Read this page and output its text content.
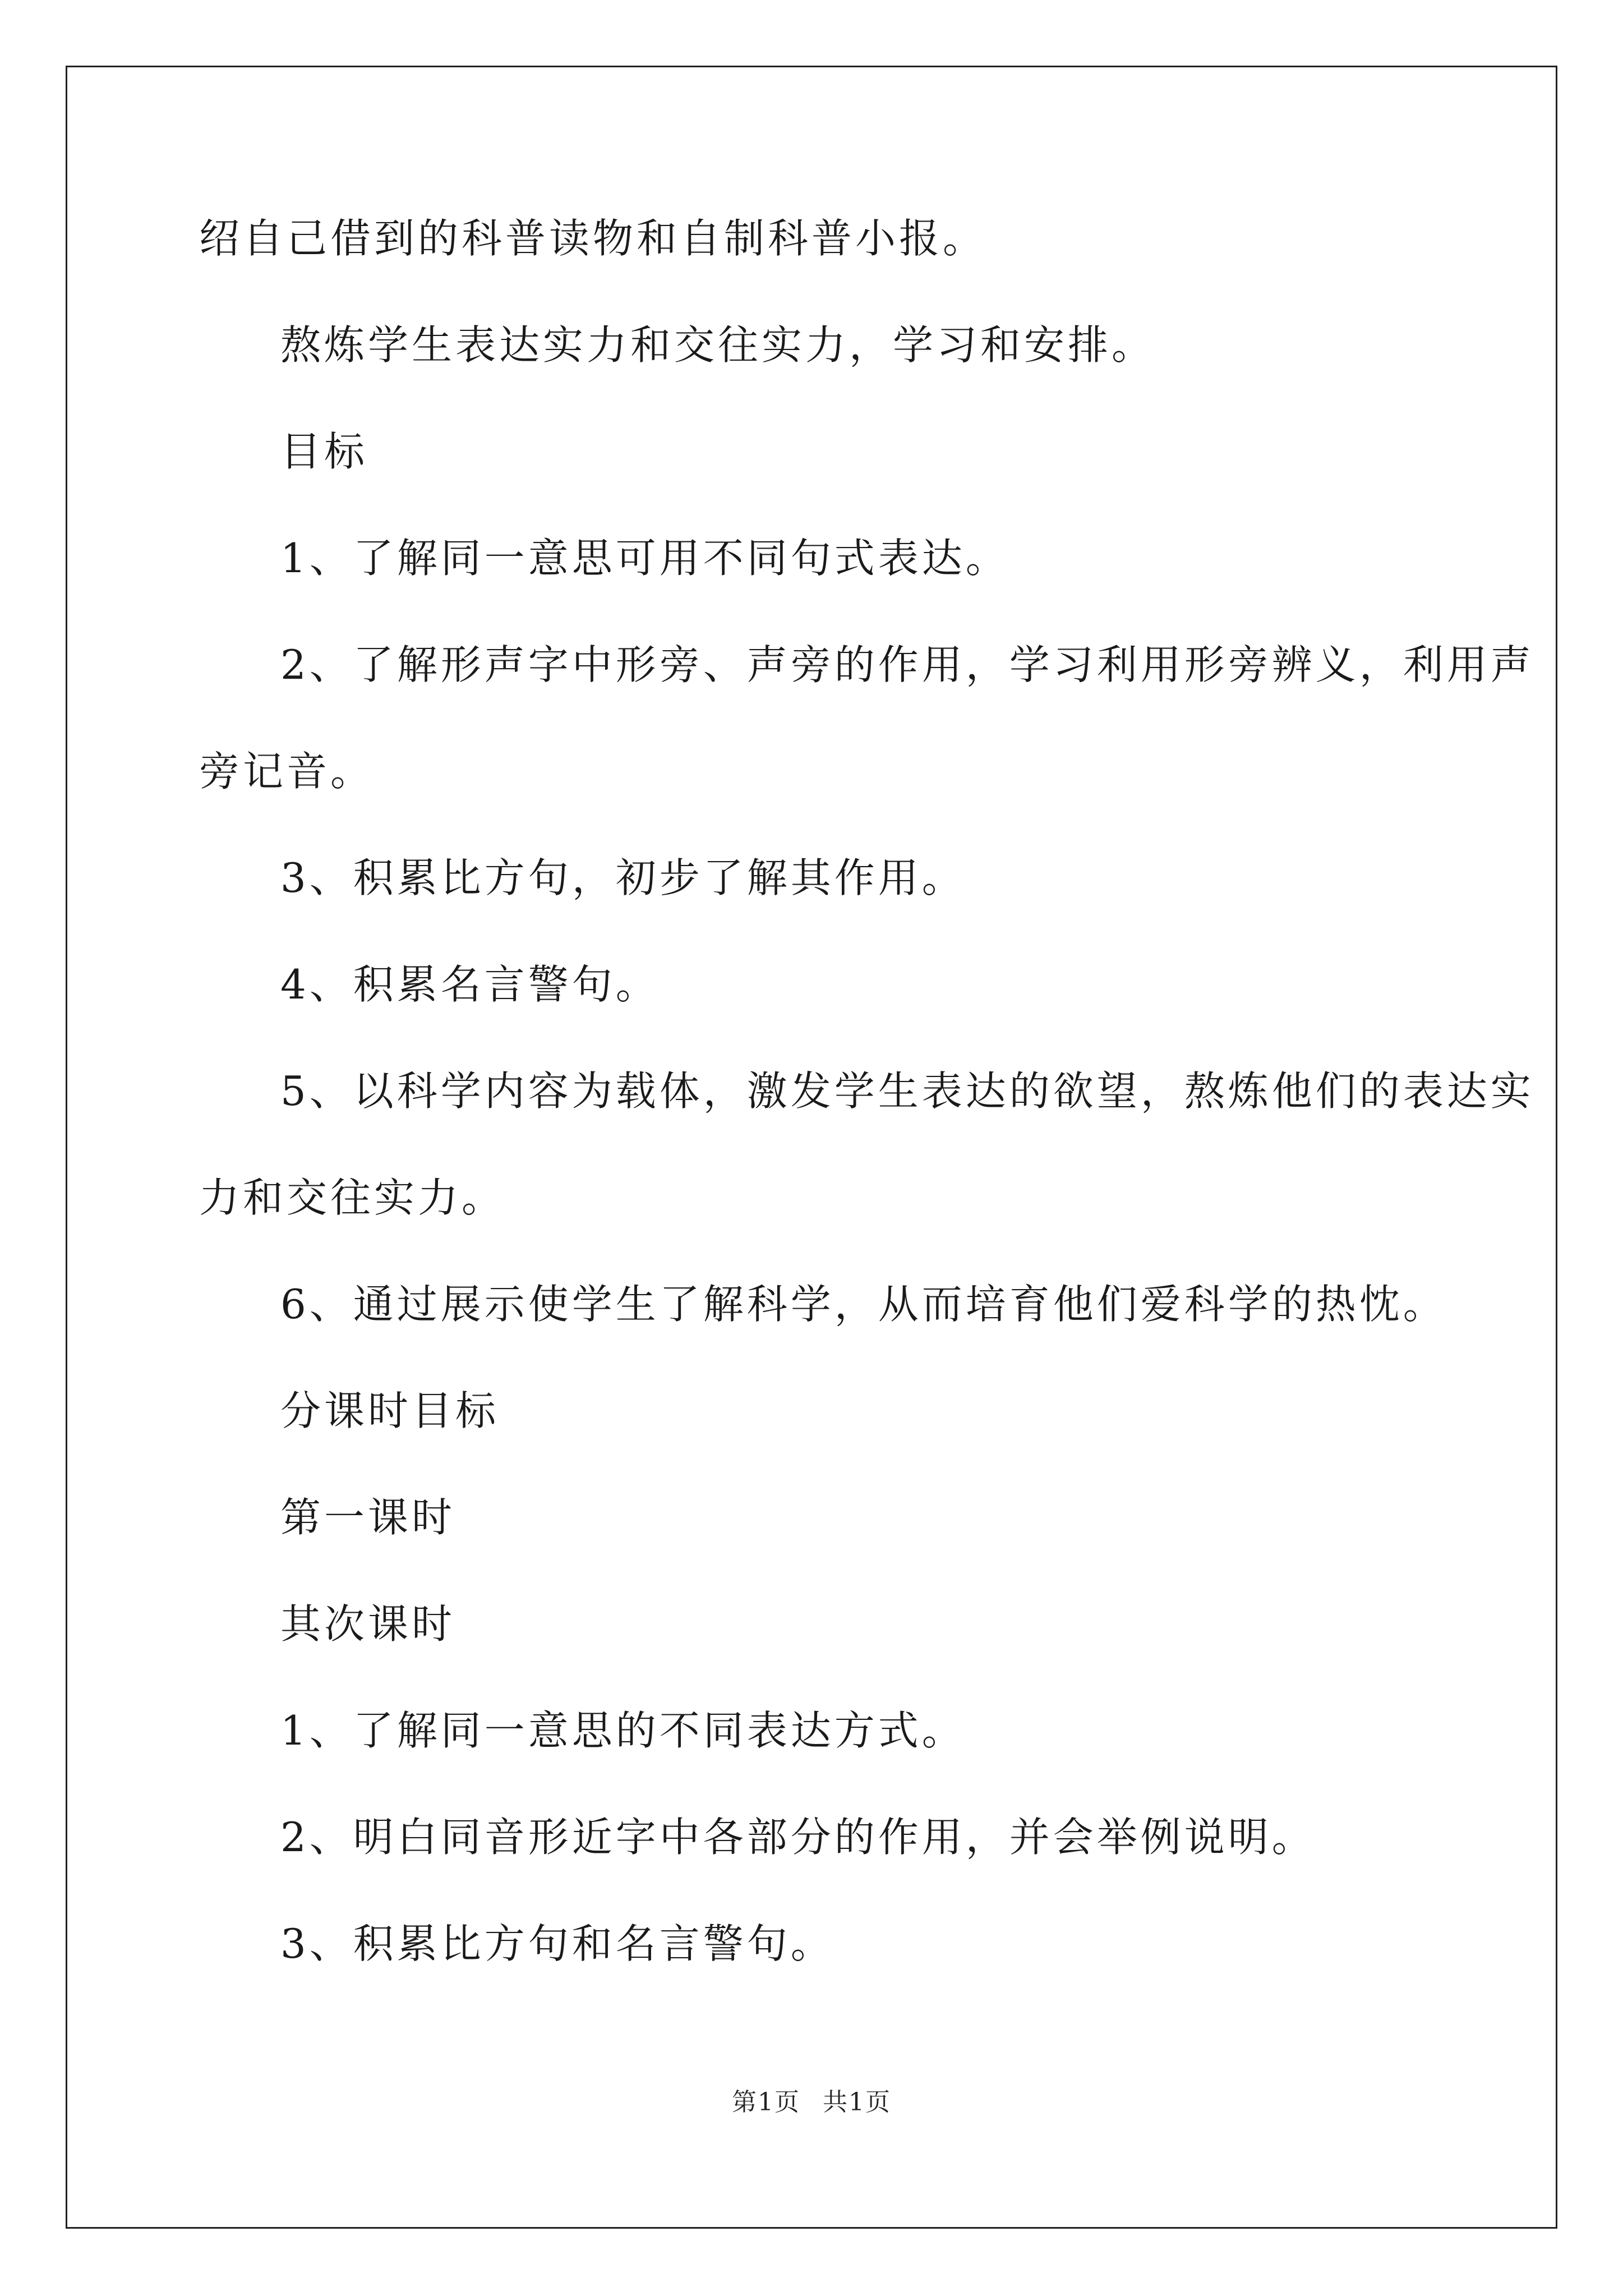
绍自己借到的科普读物和自制科普小报。
熬炼学生表达实力和交往实力，学习和安排。
目标
1、了解同一意思可用不同句式表达。
2、了解形声字中形旁、声旁的作用，学习利用形旁辨义，利用声
旁记音。
3、积累比方句，初步了解其作用。
4、积累名言警句。
5、以科学内容为载体，激发学生表达的欲望，熬炼他们的表达实
力和交往实力。
6、通过展示使学生了解科学，从而培育他们爱科学的热忱。
分课时目标
第一课时
其次课时
1、了解同一意思的不同表达方式。
2、明白同音形近字中各部分的作用，并会举例说明。
3、积累比方句和名言警句。
第1页 共1页
